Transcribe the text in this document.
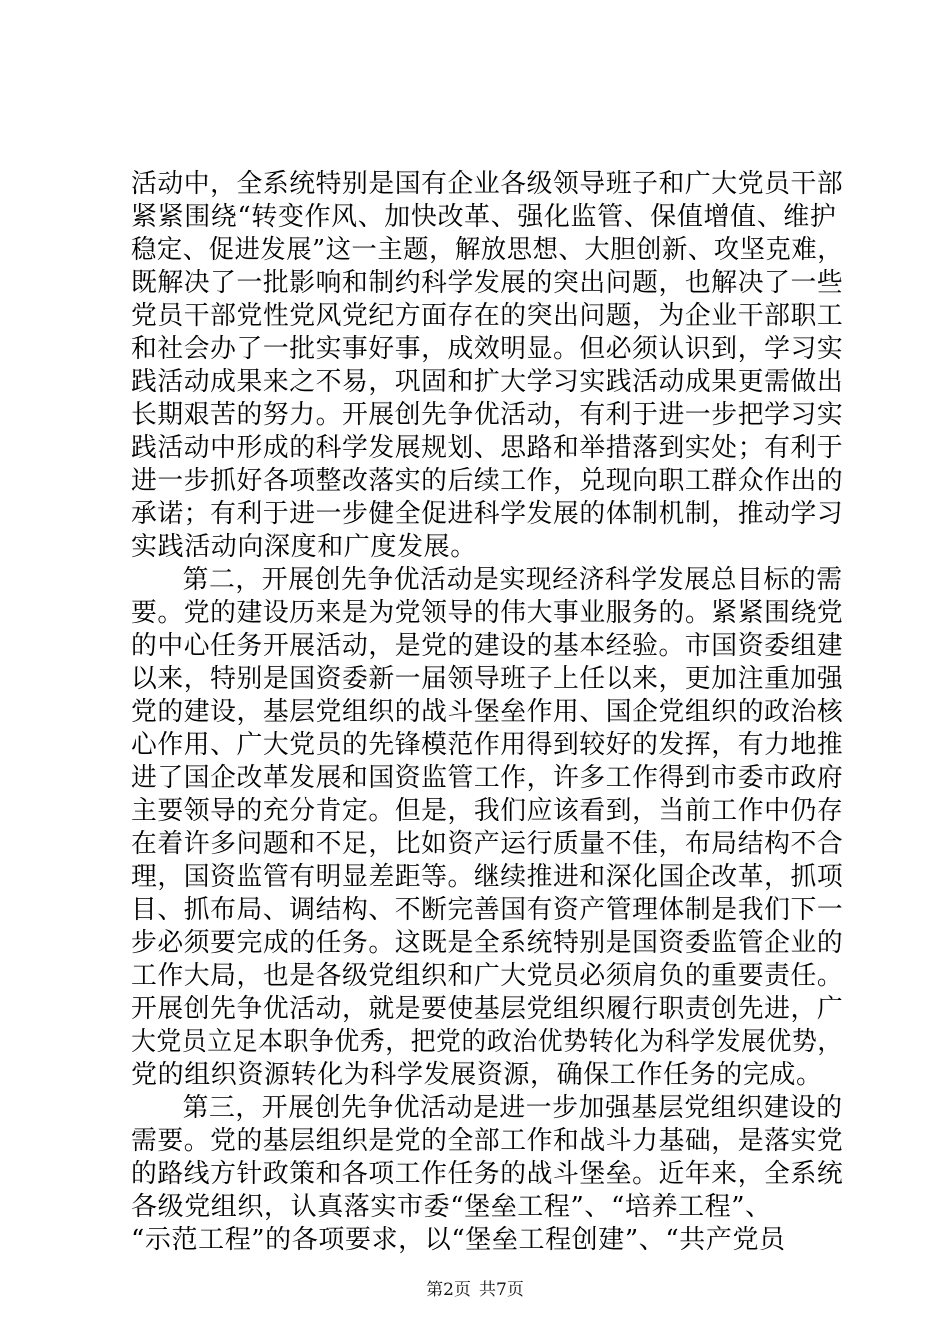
活动中，全系统特别是国有企业各级领导班子和广大党员干部
紧紧围绕“转变作风、加快改革、强化监管、保值增值、维护
稳定、促进发展”这一主题，解放思想、大胆创新、攻坚克难，
既解决了一批影响和制约科学发展的突出问题，也解决了一些
党员干部党性党风党纪方面存在的突出问题，为企业干部职工
和社会办了一批实事好事，成效明显。但必须认识到，学习实
践活动成果来之不易，巩固和扩大学习实践活动成果更需做出
长期艰苦的努力。开展创先争优活动，有利于进一步把学习实
践活动中形成的科学发展规划、思路和举措落到实处；有利于
进一步抓好各项整改落实的后续工作，兑现向职工群众作出的
承诺；有利于进一步健全促进科学发展的体制机制，推动学习
实践活动向深度和广度发展。
第二，开展创先争优活动是实现经济科学发展总目标的需
要。党的建设历来是为党领导的伟大事业服务的。紧紧围绕党
的中心任务开展活动，是党的建设的基本经验。市国资委组建
以来，特别是国资委新一届领导班子上任以来，更加注重加强
党的建设，基层党组织的战斗堡垒作用、国企党组织的政治核
心作用、广大党员的先锋模范作用得到较好的发挥，有力地推
进了国企改革发展和国资监管工作，许多工作得到市委市政府
主要领导的充分肯定。但是，我们应该看到，当前工作中仍存
在着许多问题和不足，比如资产运行质量不佳，布局结构不合
理，国资监管有明显差距等。继续推进和深化国企改革，抓项
目、抓布局、调结构、不断完善国有资产管理体制是我们下一
步必须要完成的任务。这既是全系统特别是国资委监管企业的
工作大局，也是各级党组织和广大党员必须肩负的重要责任。
开展创先争优活动，就是要使基层党组织履行职责创先进，广
大党员立足本职争优秀，把党的政治优势转化为科学发展优势，
党的组织资源转化为科学发展资源，确保工作任务的完成。
第三，开展创先争优活动是进一步加强基层党组织建设的
需要。党的基层组织是党的全部工作和战斗力基础，是落实党
的路线方针政策和各项工作任务的战斗堡垒。近年来，全系统
各级党组织，认真落实市委“堡垒工程”、“培养工程”、
“示范工程”的各项要求，以“堡垒工程创建”、“共产党员
第2页 共7页
